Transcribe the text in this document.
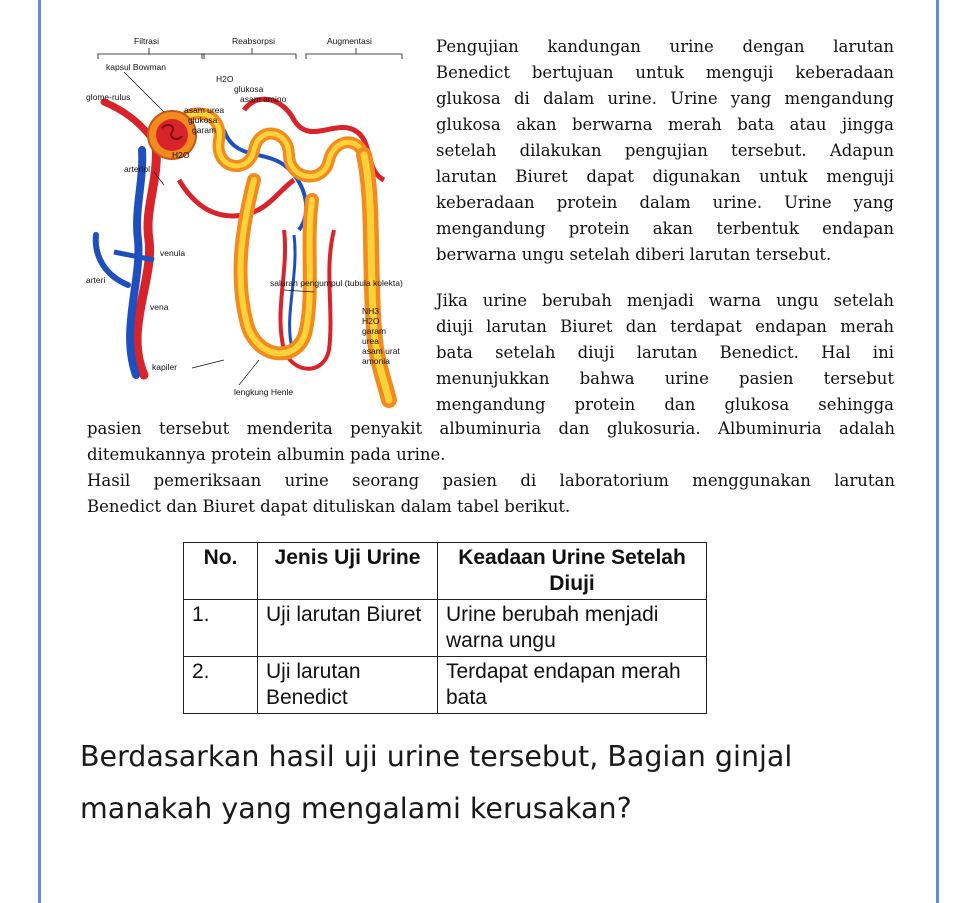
Filtrasi	Reabsorpsi	Augmentasi
kapsul Bowman
H2O
glukosa
asam amino
glome-rulus
asam urea
glukosa
garam
H2O
arteriol
venula
arteri
vena
saluran pengumpul (tubula kolekta)
NH3
H2O
garam
urea
asam urat
amonia
kapiler
lengkung Henle
Pengujian kandungan urine dengan larutan
Benedict bertujuan untuk menguji keberadaan
glukosa di dalam urine. Urine yang mengandung
glukosa akan berwarna merah bata atau jingga
setelah dilakukan pengujian tersebut. Adapun
larutan Biuret dapat digunakan untuk menguji
keberadaan protein dalam urine. Urine yang
mengandung protein akan terbentuk endapan
berwarna ungu setelah diberi larutan tersebut.
Jika urine berubah menjadi warna ungu setelah
diuji larutan Biuret dan terdapat endapan merah
bata setelah diuji larutan Benedict. Hal ini
menunjukkan bahwa urine pasien tersebut
mengandung protein dan glukosa sehingga
pasien tersebut menderita penyakit albuminuria dan glukosuria. Albuminuria adalah
ditemukannya protein albumin pada urine.
Hasil pemeriksaan urine seorang pasien di laboratorium menggunakan larutan
Benedict dan Biuret dapat dituliskan dalam tabel berikut.
No.	Jenis Uji Urine	Keadaan Urine Setelah Diuji
1.	Uji larutan Biuret	Urine berubah menjadi warna ungu
2.	Uji larutan Benedict	Terdapat endapan merah bata
Berdasarkan hasil uji urine tersebut, Bagian ginjal manakah yang mengalami kerusakan?
